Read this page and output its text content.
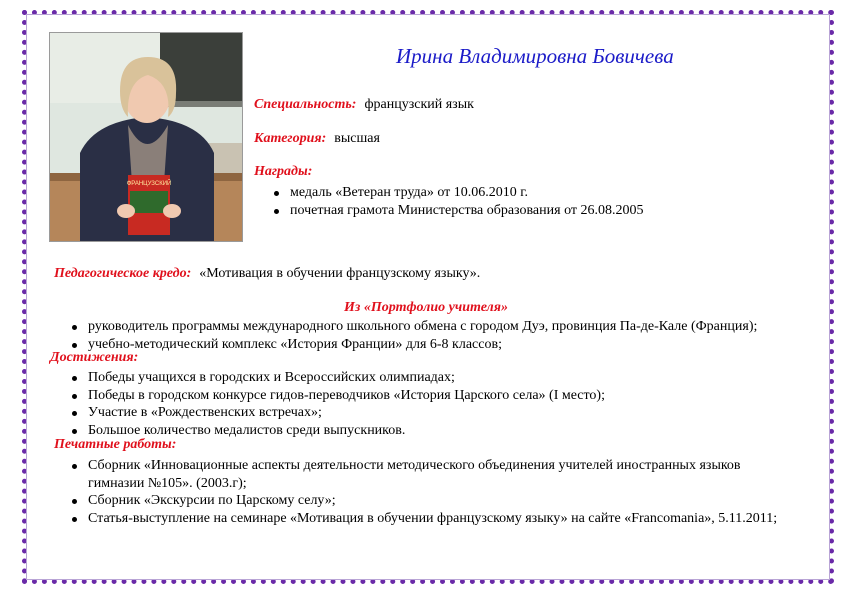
ФРАНЦУЗСКИЙ
Ирина Владимировна Бовичева
Специальность: французский язык
Категория: высшая
Награды:
медаль «Ветеран труда» от 10.06.2010 г.
почетная грамота Министерства образования от 26.08.2005
Педагогическое кредо: «Мотивация в обучении французскому языку».
Из «Портфолио учителя»
руководитель программы международного школьного обмена с городом Дуэ, провинция Па-де-Кале (Франция);
учебно-методический комплекс «История Франции» для 6-8 классов;
Достижения:
Победы учащихся в городских и Всероссийских олимпиадах;
Победы в городском конкурсе гидов-переводчиков «История Царского села» (I место);
Участие в «Рождественских встречах»;
Большое количество медалистов среди выпускников.
Печатные работы:
Сборник «Инновационные аспекты деятельности методического объединения учителей иностранных языков гимназии №105». (2003.г);
Сборник «Экскурсии по Царскому селу»;
Статья-выступление на семинаре «Мотивация в обучении французскому языку» на сайте «Francomania», 5.11.2011;
